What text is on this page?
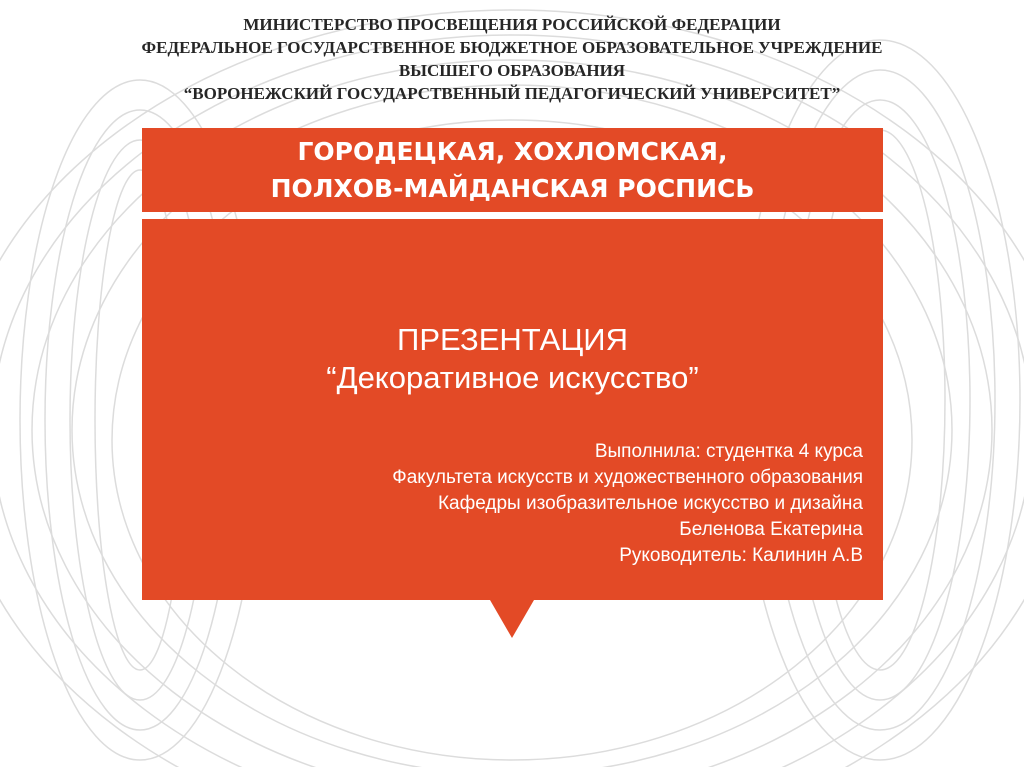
МИНИСТЕРСТВО ПРОСВЕЩЕНИЯ РОССИЙСКОЙ ФЕДЕРАЦИИ
ФЕДЕРАЛЬНОЕ ГОСУДАРСТВЕННОЕ БЮДЖЕТНОЕ ОБРАЗОВАТЕЛЬНОЕ УЧРЕЖДЕНИЕ
ВЫСШЕГО ОБРАЗОВАНИЯ
“ВОРОНЕЖСКИЙ ГОСУДАРСТВЕННЫЙ ПЕДАГОГИЧЕСКИЙ УНИВЕРСИТЕТ”
ГОРОДЕЦКАЯ, ХОХЛОМСКАЯ,
ПОЛХОВ-МАЙДАНСКАЯ РОСПИСЬ
ПРЕЗЕНТАЦИЯ
“Декоративное искусство”
Выполнила: студентка 4 курса
Факультета искусств и художественного образования
Кафедры изобразительное искусство и дизайна
Беленова Екатерина
Руководитель: Калинин А.В
